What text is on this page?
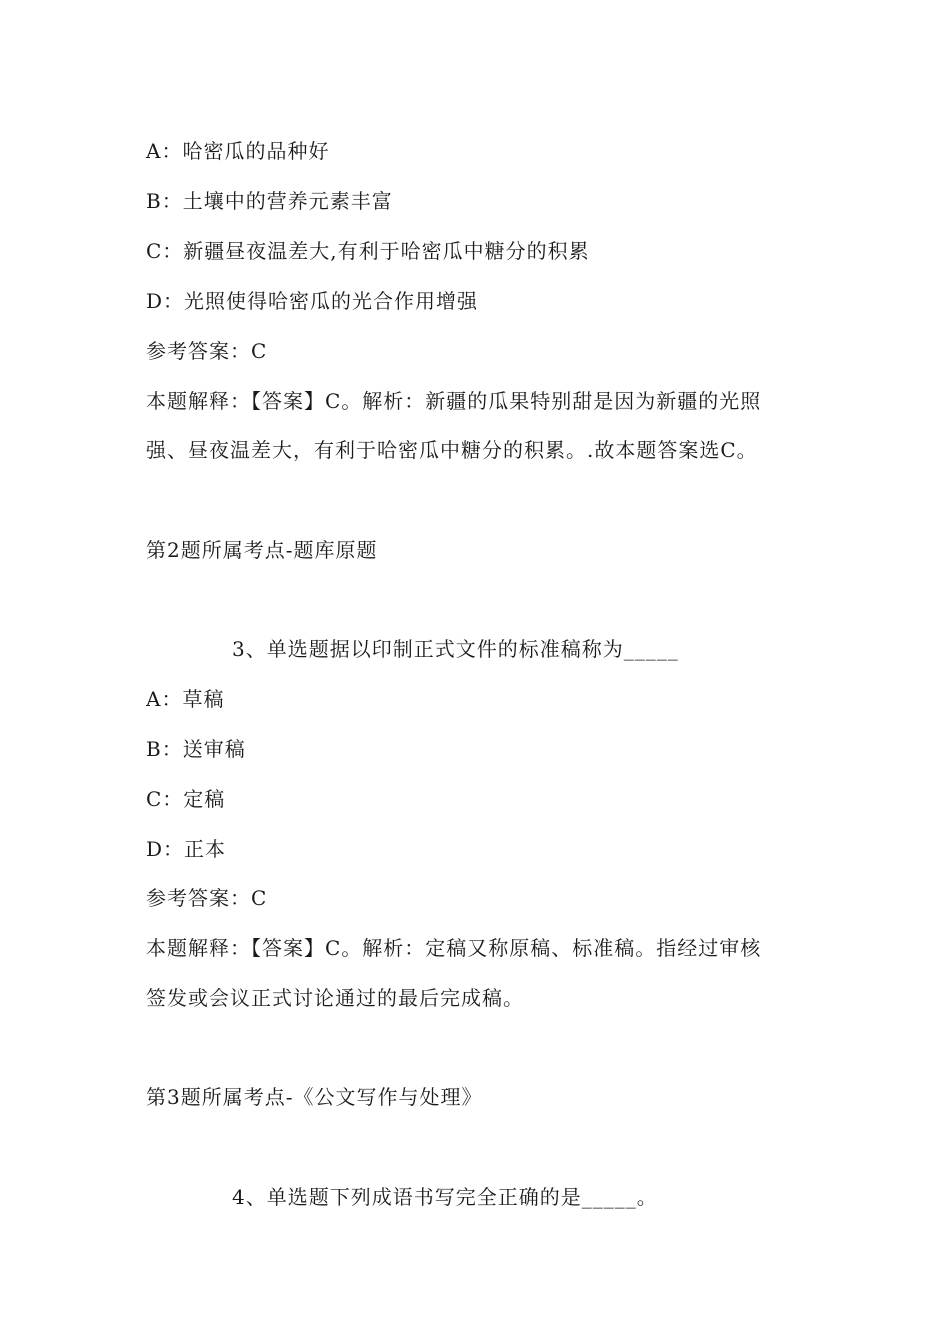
A：哈密瓜的品种好
B：土壤中的营养元素丰富
C：新疆昼夜温差大,有利于哈密瓜中糖分的积累
D：光照使得哈密瓜的光合作用增强
参考答案：C
本题解释：【答案】C。解析：新疆的瓜果特别甜是因为新疆的光照
强、昼夜温差大，有利于哈密瓜中糖分的积累。.故本题答案选C。
第2题所属考点-题库原题
3、单选题据以印制正式文件的标准稿称为_____
A：草稿
B：送审稿
C：定稿
D：正本
参考答案：C
本题解释：【答案】C。解析：定稿又称原稿、标准稿。指经过审核
签发或会议正式讨论通过的最后完成稿。
第3题所属考点-《公文写作与处理》
4、单选题下列成语书写完全正确的是_____。
